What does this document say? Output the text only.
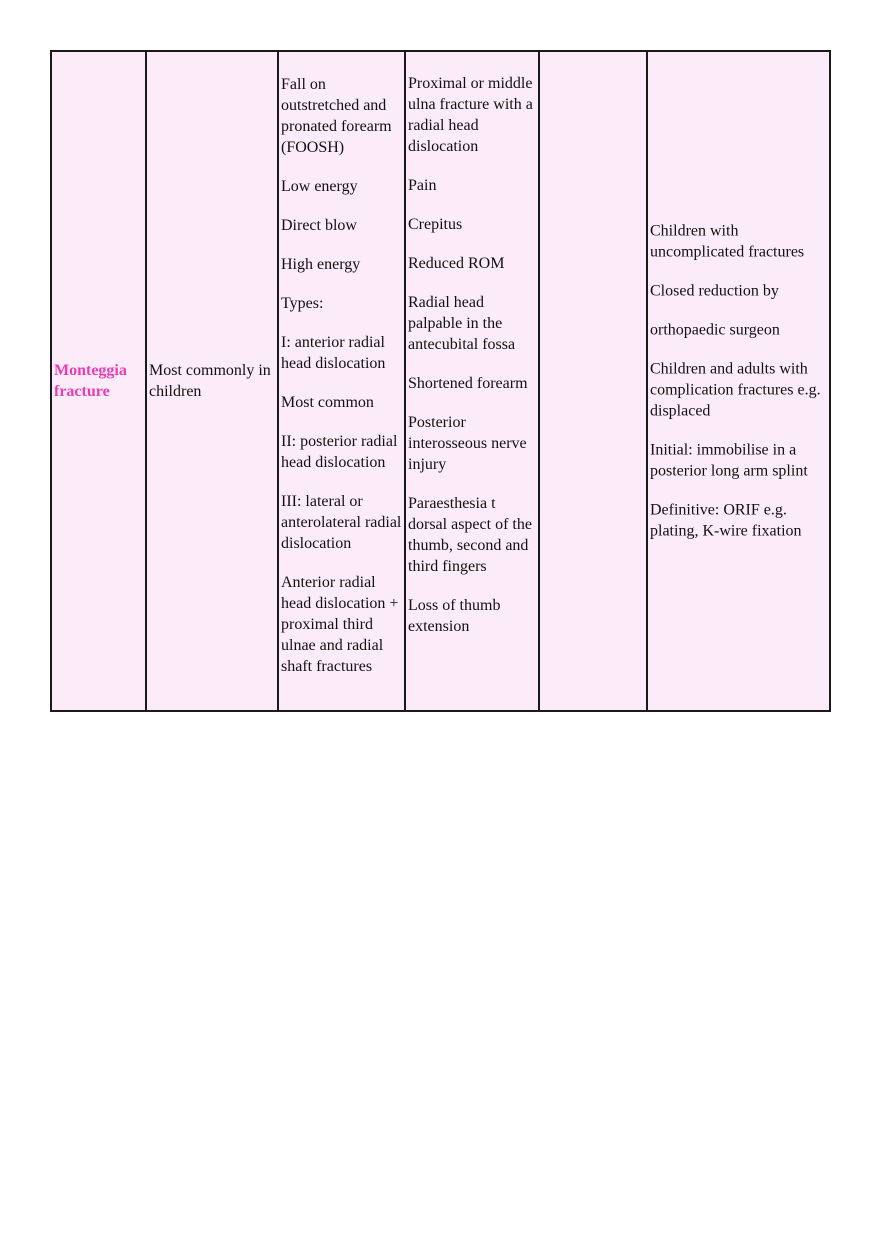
Monteggia fracture
Most commonly in children

Fall on outstretched and pronated forearm (FOOSH)

Low energy

Direct blow

High energy

Types:

I: anterior radial head dislocation

Most common

II: posterior radial head dislocation

III: lateral or anterolateral radial dislocation

Anterior radial head dislocation + proximal third ulnae and radial shaft fractures

Proximal or middle ulna fracture with a radial head dislocation

Pain

Crepitus

Reduced ROM

Radial head palpable in the antecubital fossa

Shortened forearm

Posterior interosseous nerve injury

Paraesthesia t dorsal aspect of the thumb, second and third fingers

Loss of thumb extension

Children with uncomplicated fractures

Closed reduction by

orthopaedic surgeon

Children and adults with complication fractures e.g. displaced

Initial: immobilise in a posterior long arm splint

Definitive: ORIF e.g. plating, K-wire fixation
